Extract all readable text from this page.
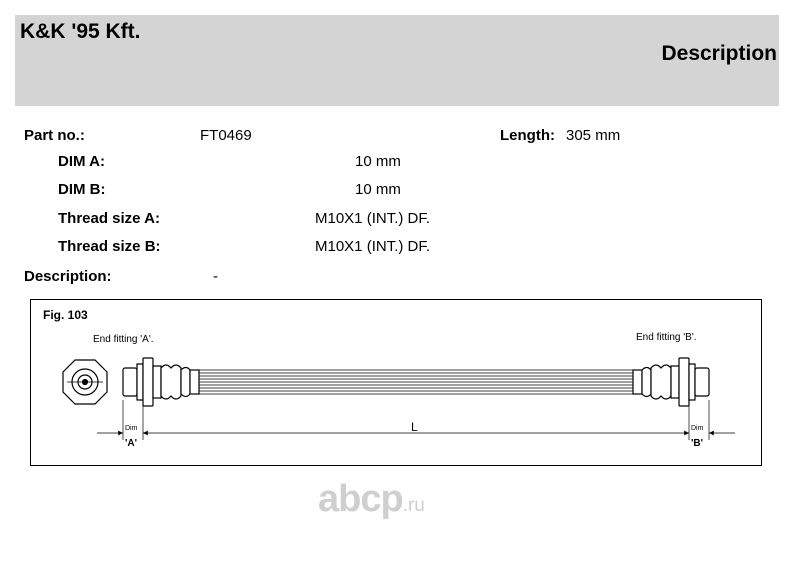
K&K '95 Kft.
Description
Part no.:	FT0469	Length: 305 mm
DIM A:	10 mm
DIM B:	10 mm
Thread size A:	M10X1 (INT.) DF.
Thread size B:	M10X1 (INT.) DF.
Description:	-
Fig. 103
End fitting 'A'.	End fitting 'B'.
L
Dim
'A'
Dim
'B'
abcp.ru
